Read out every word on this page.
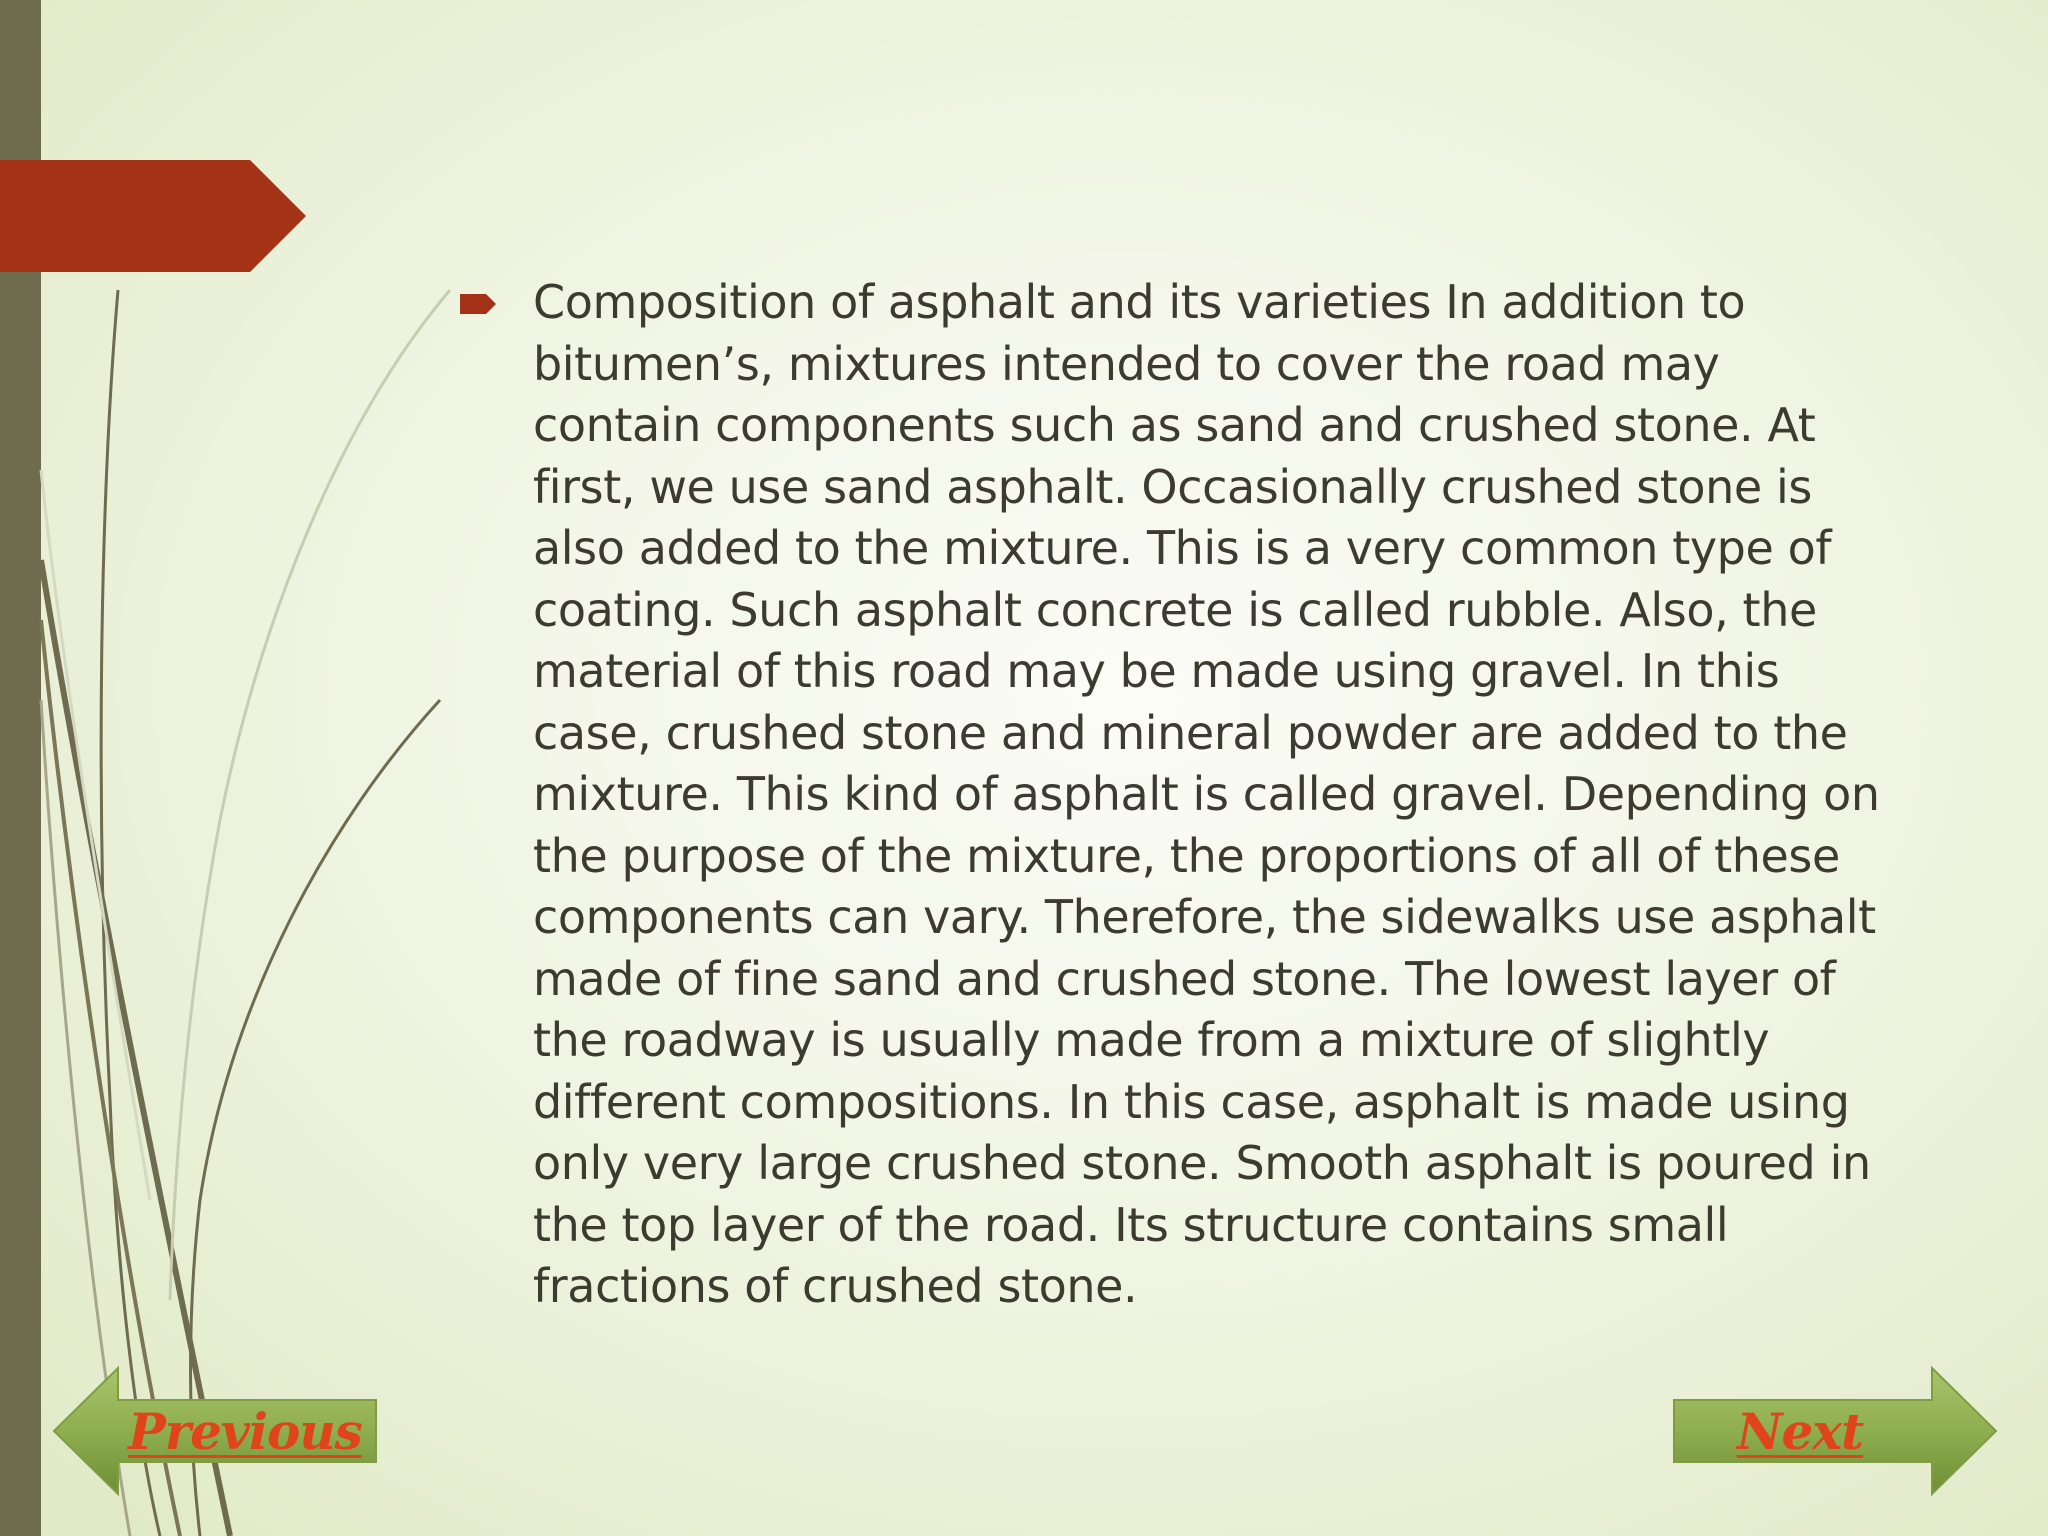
Composition of asphalt and its varieties In addition to bitumen’s, mixtures intended to cover the road may contain components such as sand and crushed stone. At first, we use sand asphalt. Occasionally crushed stone is also added to the mixture. This is a very common type of coating. Such asphalt concrete is called rubble. Also, the material of this road may be made using gravel. In this case, crushed stone and mineral powder are added to the mixture. This kind of asphalt is called gravel. Depending on the purpose of the mixture, the proportions of all of these components can vary. Therefore, the sidewalks use asphalt made of fine sand and crushed stone. The lowest layer of the roadway is usually made from a mixture of slightly different compositions. In this case, asphalt is made using only very large crushed stone. Smooth asphalt is poured in the top layer of the road. Its structure contains small fractions of crushed stone.

Previous	Next
